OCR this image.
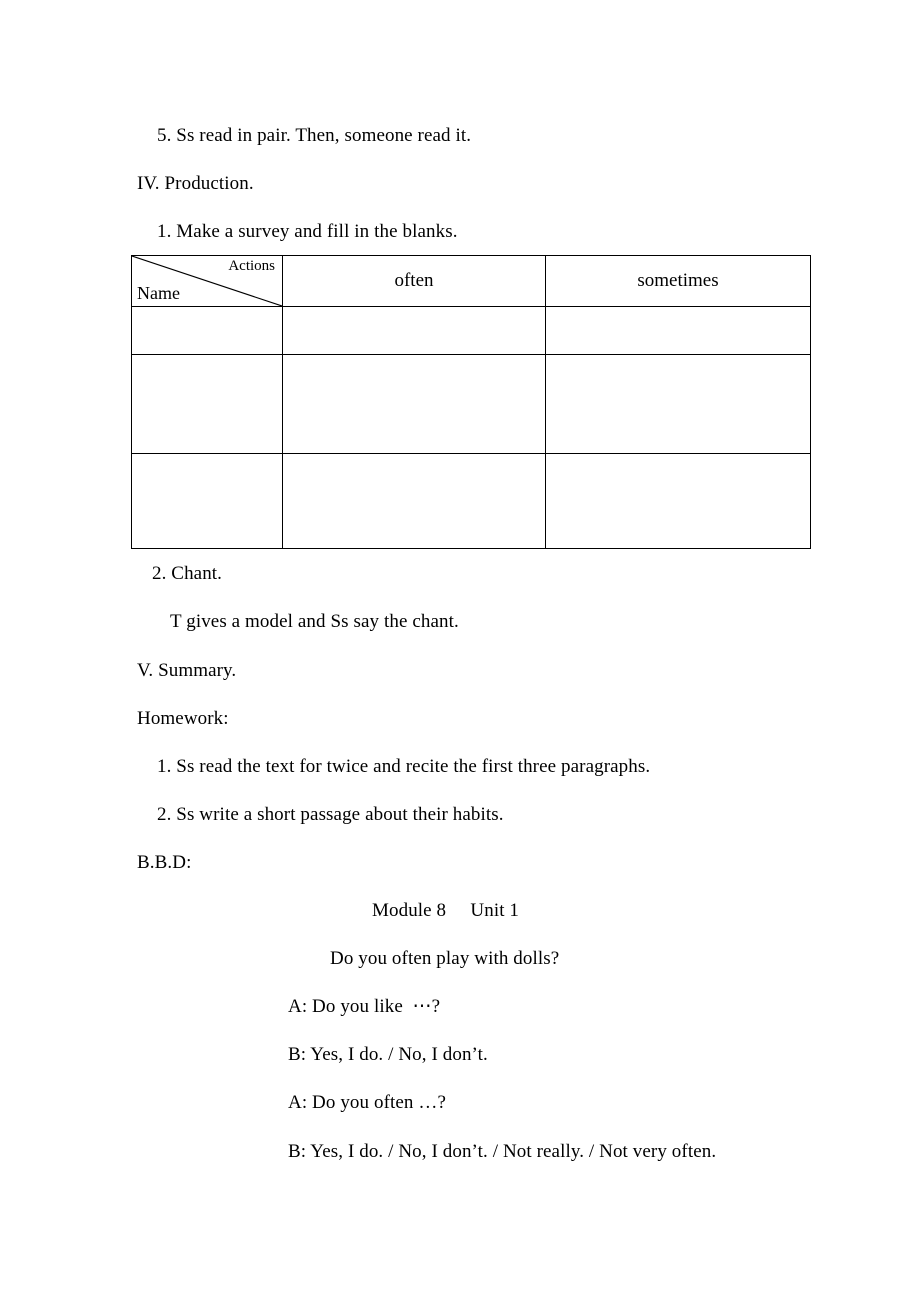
5. Ss read in pair. Then, someone read it.
IV. Production.
1. Make a survey and fill in the blanks.
Actions
Name	often	sometimes

2. Chant.
T gives a model and Ss say the chant.
V. Summary.
Homework:
1. Ss read the text for twice and recite the first three paragraphs.
2. Ss write a short passage about their habits.
B.B.D:
Module 8     Unit 1
Do you often play with dolls?
A: Do you like  ⋯?
B: Yes, I do. / No, I don’t.
A: Do you often …?
B: Yes, I do. / No, I don’t. / Not really. / Not very often.
